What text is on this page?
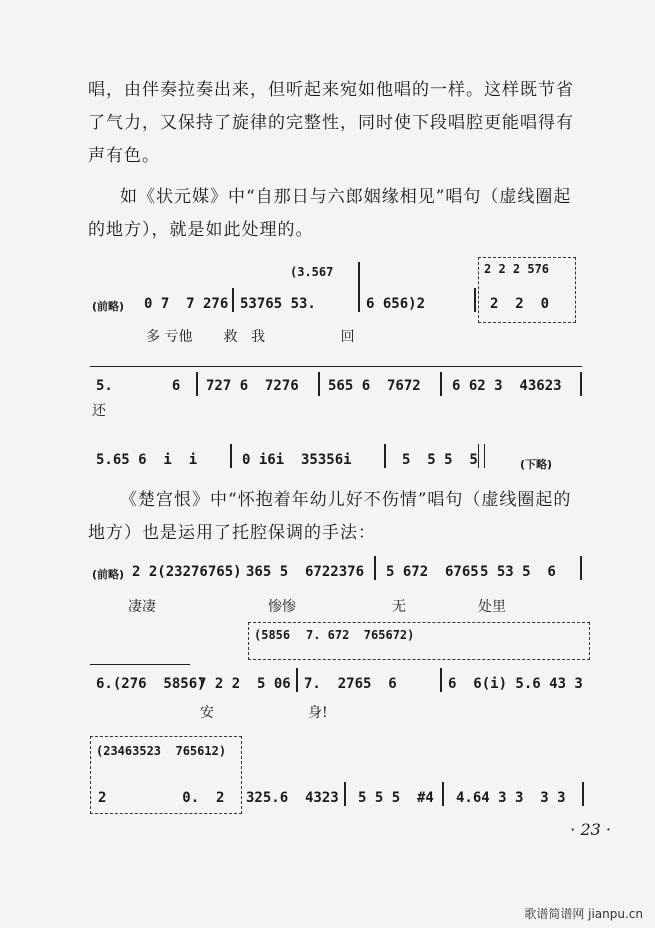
唱，由伴奏拉奏出来，但听起来宛如他唱的一样。这样既节省了气力，又保持了旋律的完整性，同时使下段唱腔更能唱得有声有色。

如《状元媒》中“自那日与六郎姻缘相见”唱句（虚线圈起的地方），就是如此处理的。

(前略)
(3.567	2 2 2 576
0 7  7 276 53765 53.	6 656)2	2  2  0
多 亏他       救   我                 回
5.       6 727 6  7276 565 6  7672 6 62 3  43623
还
5.65 6  i  i	0 i6i  35356i	5  5 5  5	(下略)

《楚宫恨》中“怀抱着年幼儿好不伤情”唱句（虚线圈起的地方）也是运用了托腔保调的手法：

(前略) 2 2(23276765) 365 5  6722376 5 672  6765 5 53 5  6
凄凄	惨惨	无	处里
(5856 7. 672  765672)
6.(276  5856)
7 2 2  5 06 7.  2765  6	6  6(i) 5.6 43 3
安	身!
(23463523  765612)
2         0.  2 325.6  4323 5 5 5  #4 4.64 3 3  3 3
· 23 ·
歌谱简谱网 jianpu.cn
